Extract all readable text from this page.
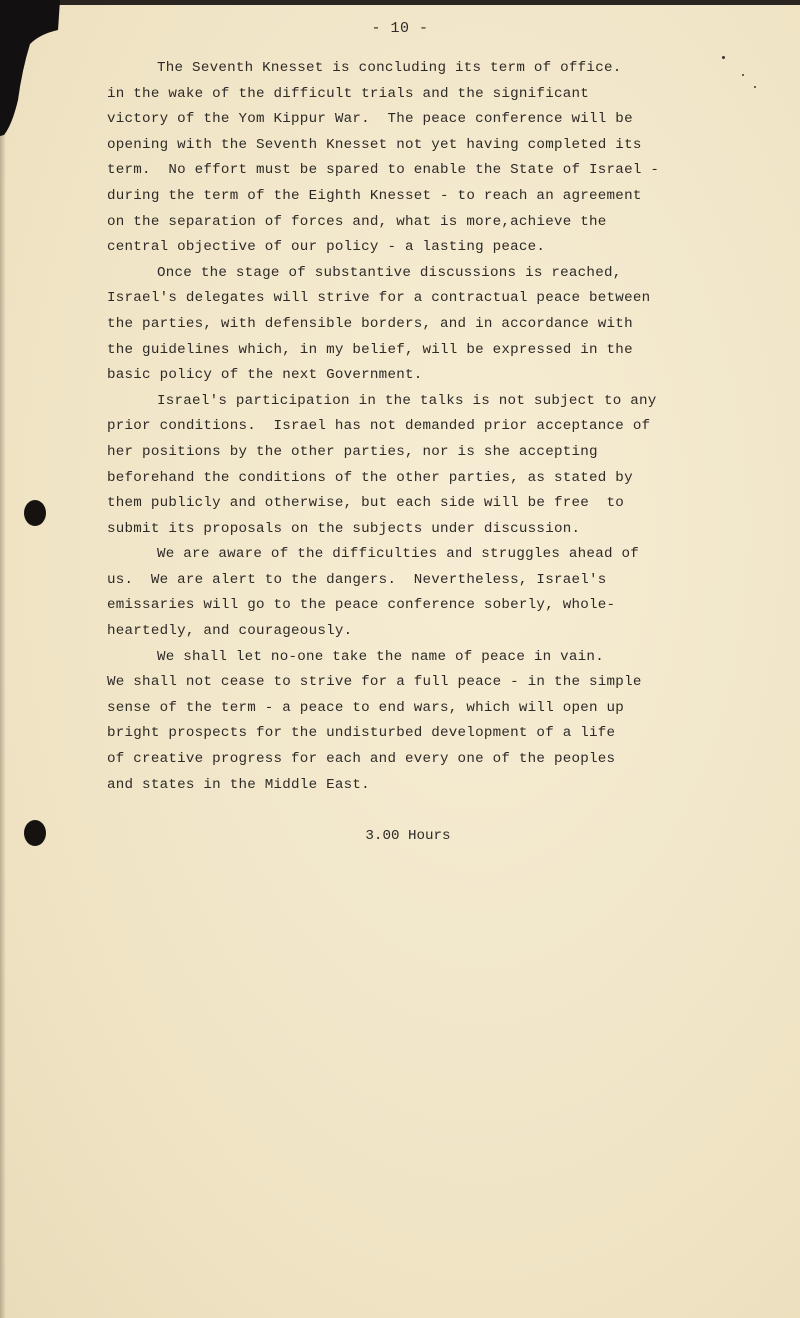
- 10 -
The Seventh Knesset is concluding its term of office.
in the wake of the difficult trials and the significant
victory of the Yom Kippur War.  The peace conference will be
opening with the Seventh Knesset not yet having completed its
term.  No effort must be spared to enable the State of Israel -
during the term of the Eighth Knesset - to reach an agreement
on the separation of forces and, what is more,achieve the
central objective of our policy - a lasting peace.
Once the stage of substantive discussions is reached,
Israel's delegates will strive for a contractual peace between
the parties, with defensible borders, and in accordance with
the guidelines which, in my belief, will be expressed in the
basic policy of the next Government.
Israel's participation in the talks is not subject to any
prior conditions.  Israel has not demanded prior acceptance of
her positions by the other parties, nor is she accepting
beforehand the conditions of the other parties, as stated by
them publicly and otherwise, but each side will be free  to
submit its proposals on the subjects under discussion.
We are aware of the difficulties and struggles ahead of
us.  We are alert to the dangers.  Nevertheless, Israel's
emissaries will go to the peace conference soberly, whole-
heartedly, and courageously.
We shall let no-one take the name of peace in vain.
We shall not cease to strive for a full peace - in the simple
sense of the term - a peace to end wars, which will open up
bright prospects for the undisturbed development of a life
of creative progress for each and every one of the peoples
and states in the Middle East.
3.00 Hours
